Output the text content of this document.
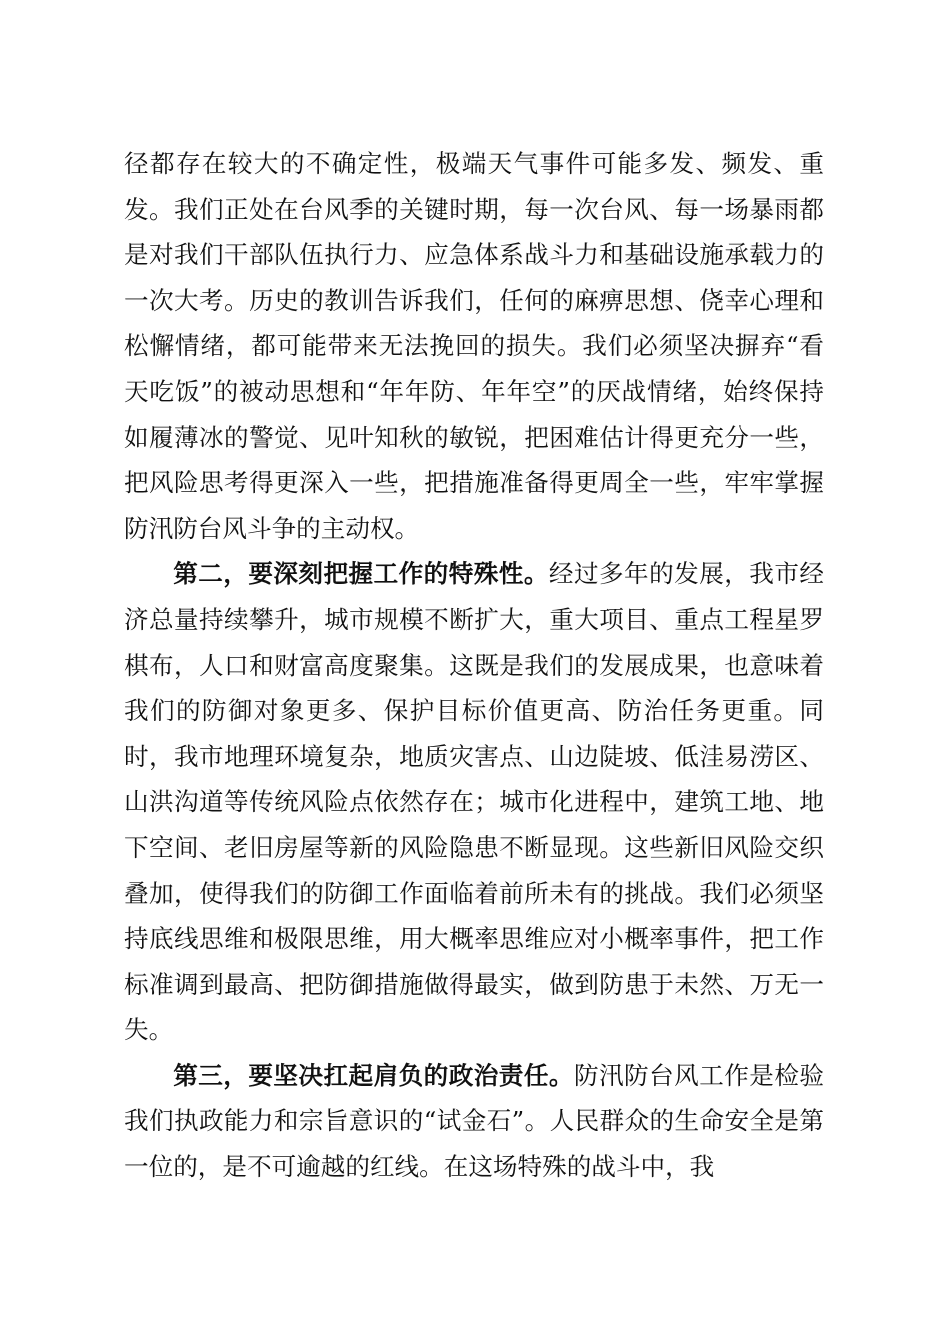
径都存在较大的不确定性，极端天气事件可能多发、频发、重发。我们正处在台风季的关键时期，每一次台风、每一场暴雨都是对我们干部队伍执行力、应急体系战斗力和基础设施承载力的一次大考。历史的教训告诉我们，任何的麻痹思想、侥幸心理和松懈情绪，都可能带来无法挽回的损失。我们必须坚决摒弃“看天吃饭”的被动思想和“年年防、年年空”的厌战情绪，始终保持如履薄冰的警觉、见叶知秋的敏锐，把困难估计得更充分一些，把风险思考得更深入一些，把措施准备得更周全一些，牢牢掌握防汛防台风斗争的主动权。

第二，要深刻把握工作的特殊性。经过多年的发展，我市经济总量持续攀升，城市规模不断扩大，重大项目、重点工程星罗棋布，人口和财富高度聚集。这既是我们的发展成果，也意味着我们的防御对象更多、保护目标价值更高、防治任务更重。同时，我市地理环境复杂，地质灾害点、山边陡坡、低洼易涝区、山洪沟道等传统风险点依然存在；城市化进程中，建筑工地、地下空间、老旧房屋等新的风险隐患不断显现。这些新旧风险交织叠加，使得我们的防御工作面临着前所未有的挑战。我们必须坚持底线思维和极限思维，用大概率思维应对小概率事件，把工作标准调到最高、把防御措施做得最实，做到防患于未然、万无一失。

第三，要坚决扛起肩负的政治责任。防汛防台风工作是检验我们执政能力和宗旨意识的“试金石”。人民群众的生命安全是第一位的，是不可逾越的红线。在这场特殊的战斗中，我
